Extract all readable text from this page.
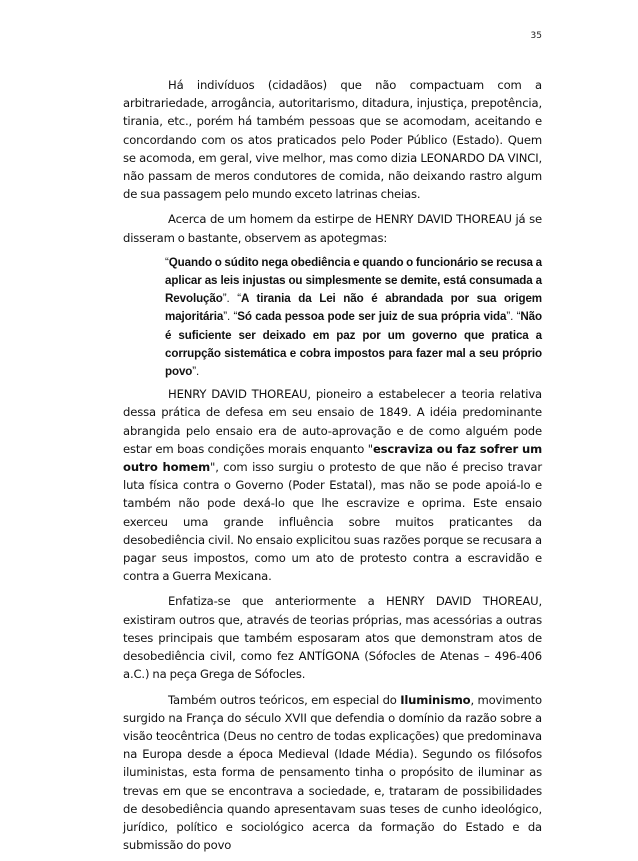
35

Há indivíduos (cidadãos) que não compactuam com a arbitrariedade, arrogância, autoritarismo, ditadura, injustiça, prepotência, tirania, etc., porém há também pessoas que se acomodam, aceitando e concordando com os atos praticados pelo Poder Público (Estado). Quem se acomoda, em geral, vive melhor, mas como dizia LEONARDO DA VINCI, não passam de meros condutores de comida, não deixando rastro algum de sua passagem pelo mundo exceto latrinas cheias.

Acerca de um homem da estirpe de HENRY DAVID THOREAU já se disseram o bastante, observem as apotegmas:

“Quando o súdito nega obediência e quando o funcionário se recusa a aplicar as leis injustas ou simplesmente se demite, está consumada a Revolução”. “A tirania da Lei não é abrandada por sua origem majoritária”. “Só cada pessoa pode ser juiz de sua própria vida”. “Não é suficiente ser deixado em paz por um governo que pratica a corrupção sistemática e cobra impostos para fazer mal a seu próprio povo”.

HENRY DAVID THOREAU, pioneiro a estabelecer a teoria relativa dessa prática de defesa em seu ensaio de 1849. A idéia predominante abrangida pelo ensaio era de auto-aprovação e de como alguém pode estar em boas condições morais enquanto "escraviza ou faz sofrer um outro homem", com isso surgiu o protesto de que não é preciso travar luta física contra o Governo (Poder Estatal), mas não se pode apoiá-lo e também não pode dexá-lo que lhe escravize e oprima. Este ensaio exerceu uma grande influência sobre muitos praticantes da desobediência civil. No ensaio explicitou suas razões porque se recusara a pagar seus impostos, como um ato de protesto contra a escravidão e contra a Guerra Mexicana.

Enfatiza-se que anteriormente a HENRY DAVID THOREAU, existiram outros que, através de teorias próprias, mas acessórias a outras teses principais que também esposaram atos que demonstram atos de desobediência civil, como fez ANTÍGONA (Sófocles de Atenas – 496-406 a.C.) na peça Grega de Sófocles.

Também outros teóricos, em especial do Iluminismo, movimento surgido na França do século XVII que defendia o domínio da razão sobre a visão teocêntrica (Deus no centro de todas explicações) que predominava na Europa desde a época Medieval (Idade Média). Segundo os filósofos iluministas, esta forma de pensamento tinha o propósito de iluminar as trevas em que se encontrava a sociedade, e, trataram de possibilidades de desobediência quando apresentavam suas teses de cunho ideológico, jurídico, político e sociológico acerca da formação do Estado e da submissão do povo
